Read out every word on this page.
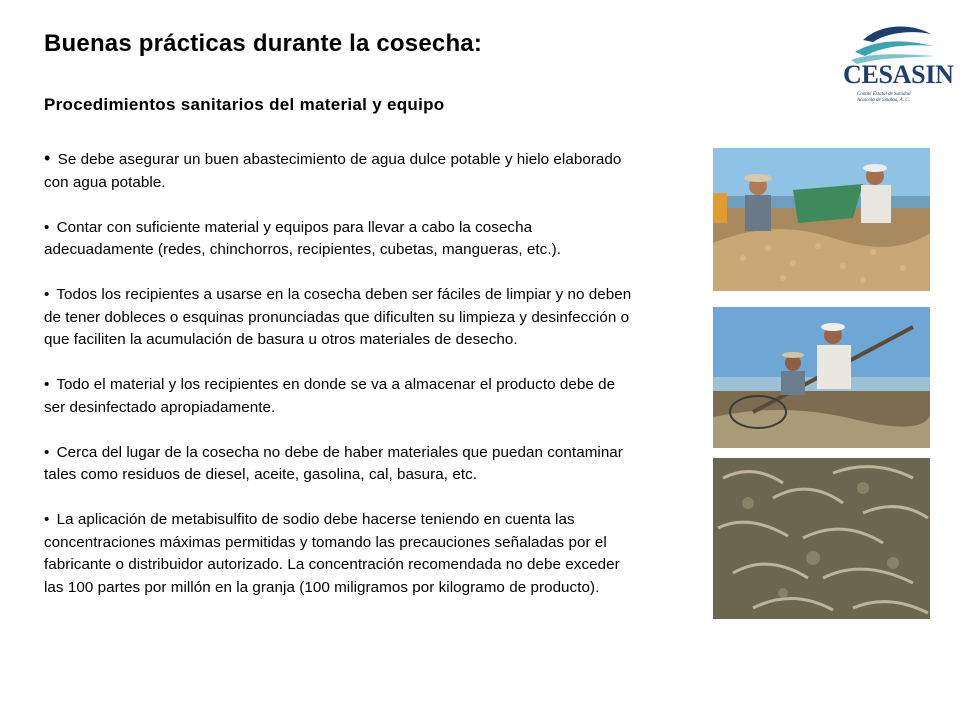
Buenas prácticas durante la cosecha:
Procedimientos sanitarios del material y equipo

• Se debe asegurar un buen abastecimiento de agua dulce potable y hielo elaborado con agua potable.

• Contar con suficiente material y equipos para llevar a cabo la cosecha adecuadamente (redes, chinchorros, recipientes, cubetas, mangueras, etc.).

• Todos los recipientes a usarse en la cosecha deben ser fáciles de limpiar y no deben de tener dobleces o esquinas pronunciadas que dificulten su limpieza y desinfección o que faciliten la acumulación de basura u otros materiales de desecho.

• Todo el material y los recipientes en donde se va a almacenar el producto debe de ser desinfectado apropiadamente.

• Cerca del lugar de la cosecha no debe de haber materiales que puedan contaminar tales como residuos de diesel, aceite, gasolina, cal, basura, etc.

• La aplicación de metabisulfito de sodio debe hacerse teniendo en cuenta las concentraciones máximas permitidas y tomando las precauciones señaladas por el fabricante o distribuidor autorizado. La concentración recomendada no debe exceder las 100 partes por millón en la granja (100 miligramos por kilogramo de producto).

CESASIN
Comité Estatal de Sanidad
Acuícola de Sinaloa, A. C.
